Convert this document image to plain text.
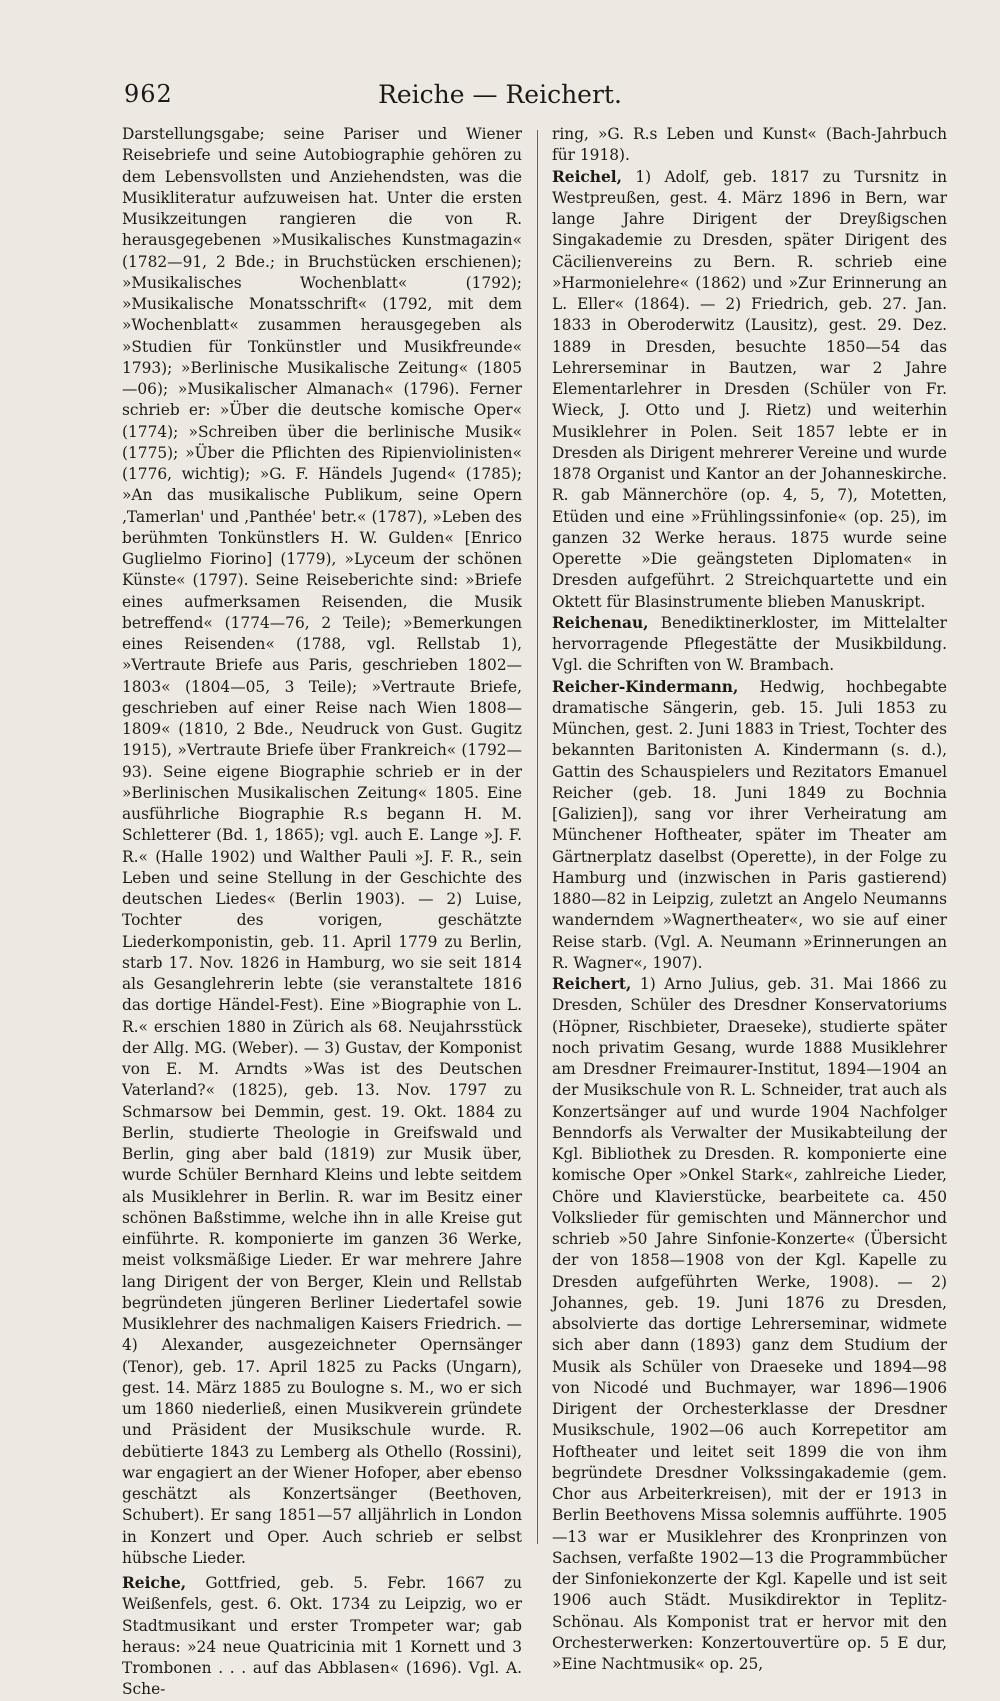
962	Reiche — Reichert.

Darstellungsgabe; seine Pariser und Wiener Reisebriefe und seine Autobiographie gehören zu dem Lebensvollsten und Anziehendsten, was die Musikliteratur aufzuweisen hat. Unter die ersten Musikzeitungen rangieren die von R. herausgegebenen »Musikalisches Kunstmagazin« (1782—91, 2 Bde.; in Bruchstücken erschienen); »Musikalisches Wochenblatt« (1792); »Musikalische Monatsschrift« (1792, mit dem »Wochenblatt« zusammen herausgegeben als »Studien für Tonkünstler und Musikfreunde« 1793); »Berlinische Musikalische Zeitung« (1805—06); »Musikalischer Almanach« (1796). Ferner schrieb er: »Über die deutsche komische Oper« (1774); »Schreiben über die berlinische Musik« (1775); »Über die Pflichten des Ripienviolinisten« (1776, wichtig); »G. F. Händels Jugend« (1785); »An das musikalische Publikum, seine Opern ‚Tamerlan' und ‚Panthée' betr.« (1787), »Leben des berühmten Tonkünstlers H. W. Gulden« [Enrico Guglielmo Fiorino] (1779), »Lyceum der schönen Künste« (1797). Seine Reiseberichte sind: »Briefe eines aufmerksamen Reisenden, die Musik betreffend« (1774—76, 2 Teile); »Bemerkungen eines Reisenden« (1788, vgl. Rellstab 1), »Vertraute Briefe aus Paris, geschrieben 1802—1803« (1804—05, 3 Teile); »Vertraute Briefe, geschrieben auf einer Reise nach Wien 1808—1809« (1810, 2 Bde., Neudruck von Gust. Gugitz 1915), »Vertraute Briefe über Frankreich« (1792—93). Seine eigene Biographie schrieb er in der »Berlinischen Musikalischen Zeitung« 1805. Eine ausführliche Biographie R.s begann H. M. Schletterer (Bd. 1, 1865); vgl. auch E. Lange »J. F. R.« (Halle 1902) und Walther Pauli »J. F. R., sein Leben und seine Stellung in der Geschichte des deutschen Liedes« (Berlin 1903). — 2) Luise, Tochter des vorigen, geschätzte Liederkomponistin, geb. 11. April 1779 zu Berlin, starb 17. Nov. 1826 in Hamburg, wo sie seit 1814 als Gesanglehrerin lebte (sie veranstaltete 1816 das dortige Händel-Fest). Eine »Biographie von L. R.« erschien 1880 in Zürich als 68. Neujahrsstück der Allg. MG. (Weber). — 3) Gustav, der Komponist von E. M. Arndts »Was ist des Deutschen Vaterland?« (1825), geb. 13. Nov. 1797 zu Schmarsow bei Demmin, gest. 19. Okt. 1884 zu Berlin, studierte Theologie in Greifswald und Berlin, ging aber bald (1819) zur Musik über, wurde Schüler Bernhard Kleins und lebte seitdem als Musiklehrer in Berlin. R. war im Besitz einer schönen Baßstimme, welche ihn in alle Kreise gut einführte. R. komponierte im ganzen 36 Werke, meist volksmäßige Lieder. Er war mehrere Jahre lang Dirigent der von Berger, Klein und Rellstab begründeten jüngeren Berliner Liedertafel sowie Musiklehrer des nachmaligen Kaisers Friedrich. — 4) Alexander, ausgezeichneter Opernsänger (Tenor), geb. 17. April 1825 zu Packs (Ungarn), gest. 14. März 1885 zu Boulogne s. M., wo er sich um 1860 niederließ, einen Musikverein gründete und Präsident der Musikschule wurde. R. debütierte 1843 zu Lemberg als Othello (Rossini), war engagiert an der Wiener Hofoper, aber ebenso geschätzt als Konzertsänger (Beethoven, Schubert). Er sang 1851—57 alljährlich in London in Konzert und Oper. Auch schrieb er selbst hübsche Lieder.

Reiche, Gottfried, geb. 5. Febr. 1667 zu Weißenfels, gest. 6. Okt. 1734 zu Leipzig, wo er Stadtmusikant und erster Trompeter war; gab heraus: »24 neue Quatricinia mit 1 Kornett und 3 Trombonen . . . auf das Abblasen« (1696). Vgl. A. Sche-

ring, »G. R.s Leben und Kunst« (Bach-Jahrbuch für 1918).

Reichel, 1) Adolf, geb. 1817 zu Tursnitz in Westpreußen, gest. 4. März 1896 in Bern, war lange Jahre Dirigent der Dreyßigschen Singakademie zu Dresden, später Dirigent des Cäcilienvereins zu Bern. R. schrieb eine »Harmonielehre« (1862) und »Zur Erinnerung an L. Eller« (1864). — 2) Friedrich, geb. 27. Jan. 1833 in Oberoderwitz (Lausitz), gest. 29. Dez. 1889 in Dresden, besuchte 1850—54 das Lehrerseminar in Bautzen, war 2 Jahre Elementarlehrer in Dresden (Schüler von Fr. Wieck, J. Otto und J. Rietz) und weiterhin Musiklehrer in Polen. Seit 1857 lebte er in Dresden als Dirigent mehrerer Vereine und wurde 1878 Organist und Kantor an der Johanneskirche. R. gab Männerchöre (op. 4, 5, 7), Motetten, Etüden und eine »Frühlingssinfonie« (op. 25), im ganzen 32 Werke heraus. 1875 wurde seine Operette »Die geängsteten Diplomaten« in Dresden aufgeführt. 2 Streichquartette und ein Oktett für Blasinstrumente blieben Manuskript.

Reichenau, Benediktinerkloster, im Mittelalter hervorragende Pflegestätte der Musikbildung. Vgl. die Schriften von W. Brambach.

Reicher-Kindermann, Hedwig, hochbegabte dramatische Sängerin, geb. 15. Juli 1853 zu München, gest. 2. Juni 1883 in Triest, Tochter des bekannten Baritonisten A. Kindermann (s. d.), Gattin des Schauspielers und Rezitators Emanuel Reicher (geb. 18. Juni 1849 zu Bochnia [Galizien]), sang vor ihrer Verheiratung am Münchener Hoftheater, später im Theater am Gärtnerplatz daselbst (Operette), in der Folge zu Hamburg und (inzwischen in Paris gastierend) 1880—82 in Leipzig, zuletzt an Angelo Neumanns wanderndem »Wagnertheater«, wo sie auf einer Reise starb. (Vgl. A. Neumann »Erinnerungen an R. Wagner«, 1907).

Reichert, 1) Arno Julius, geb. 31. Mai 1866 zu Dresden, Schüler des Dresdner Konservatoriums (Höpner, Rischbieter, Draeseke), studierte später noch privatim Gesang, wurde 1888 Musiklehrer am Dresdner Freimaurer-Institut, 1894—1904 an der Musikschule von R. L. Schneider, trat auch als Konzertsänger auf und wurde 1904 Nachfolger Benndorfs als Verwalter der Musikabteilung der Kgl. Bibliothek zu Dresden. R. komponierte eine komische Oper »Onkel Stark«, zahlreiche Lieder, Chöre und Klavierstücke, bearbeitete ca. 450 Volkslieder für gemischten und Männerchor und schrieb »50 Jahre Sinfonie-Konzerte« (Übersicht der von 1858—1908 von der Kgl. Kapelle zu Dresden aufgeführten Werke, 1908). — 2) Johannes, geb. 19. Juni 1876 zu Dresden, absolvierte das dortige Lehrerseminar, widmete sich aber dann (1893) ganz dem Studium der Musik als Schüler von Draeseke und 1894—98 von Nicodé und Buchmayer, war 1896—1906 Dirigent der Orchesterklasse der Dresdner Musikschule, 1902—06 auch Korrepetitor am Hoftheater und leitet seit 1899 die von ihm begründete Dresdner Volkssingakademie (gem. Chor aus Arbeiterkreisen), mit der er 1913 in Berlin Beethovens Missa solemnis aufführte. 1905—13 war er Musiklehrer des Kronprinzen von Sachsen, verfaßte 1902—13 die Programmbücher der Sinfoniekonzerte der Kgl. Kapelle und ist seit 1906 auch Städt. Musikdirektor in Teplitz-Schönau. Als Komponist trat er hervor mit den Orchesterwerken: Konzertouvertüre op. 5 E dur, »Eine Nachtmusik« op. 25,
